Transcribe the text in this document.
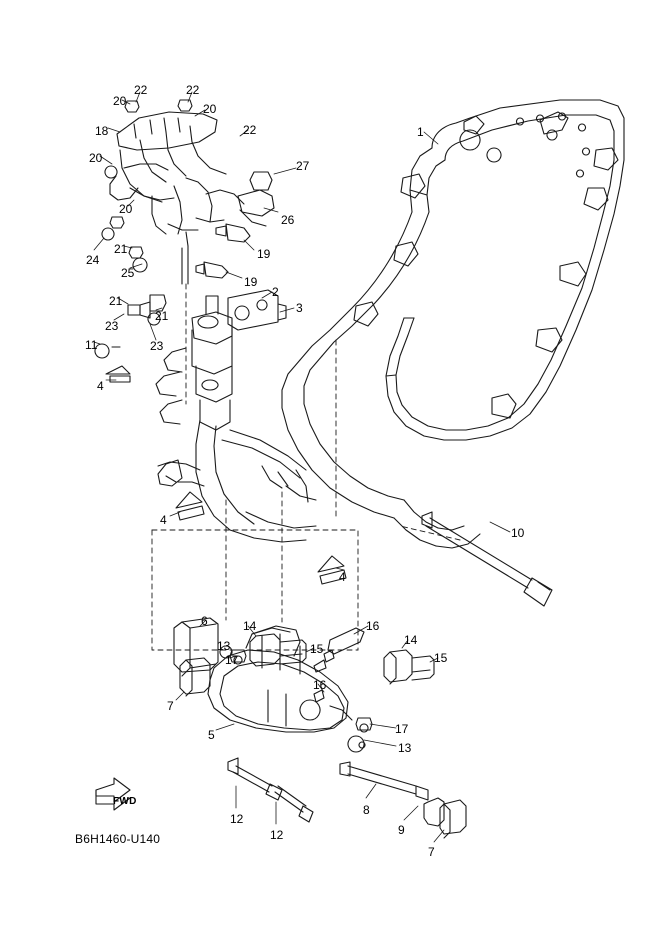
B6H1460-U140
FWD
22	22
20
20
18	22	1
20
27
20
26
21	19
24
25
19
21
21
2
3
23
23
11
4
4
4
10
6	14
15
16
14
15
17
13
16
7
17
5
13
12
12
8
9
7
